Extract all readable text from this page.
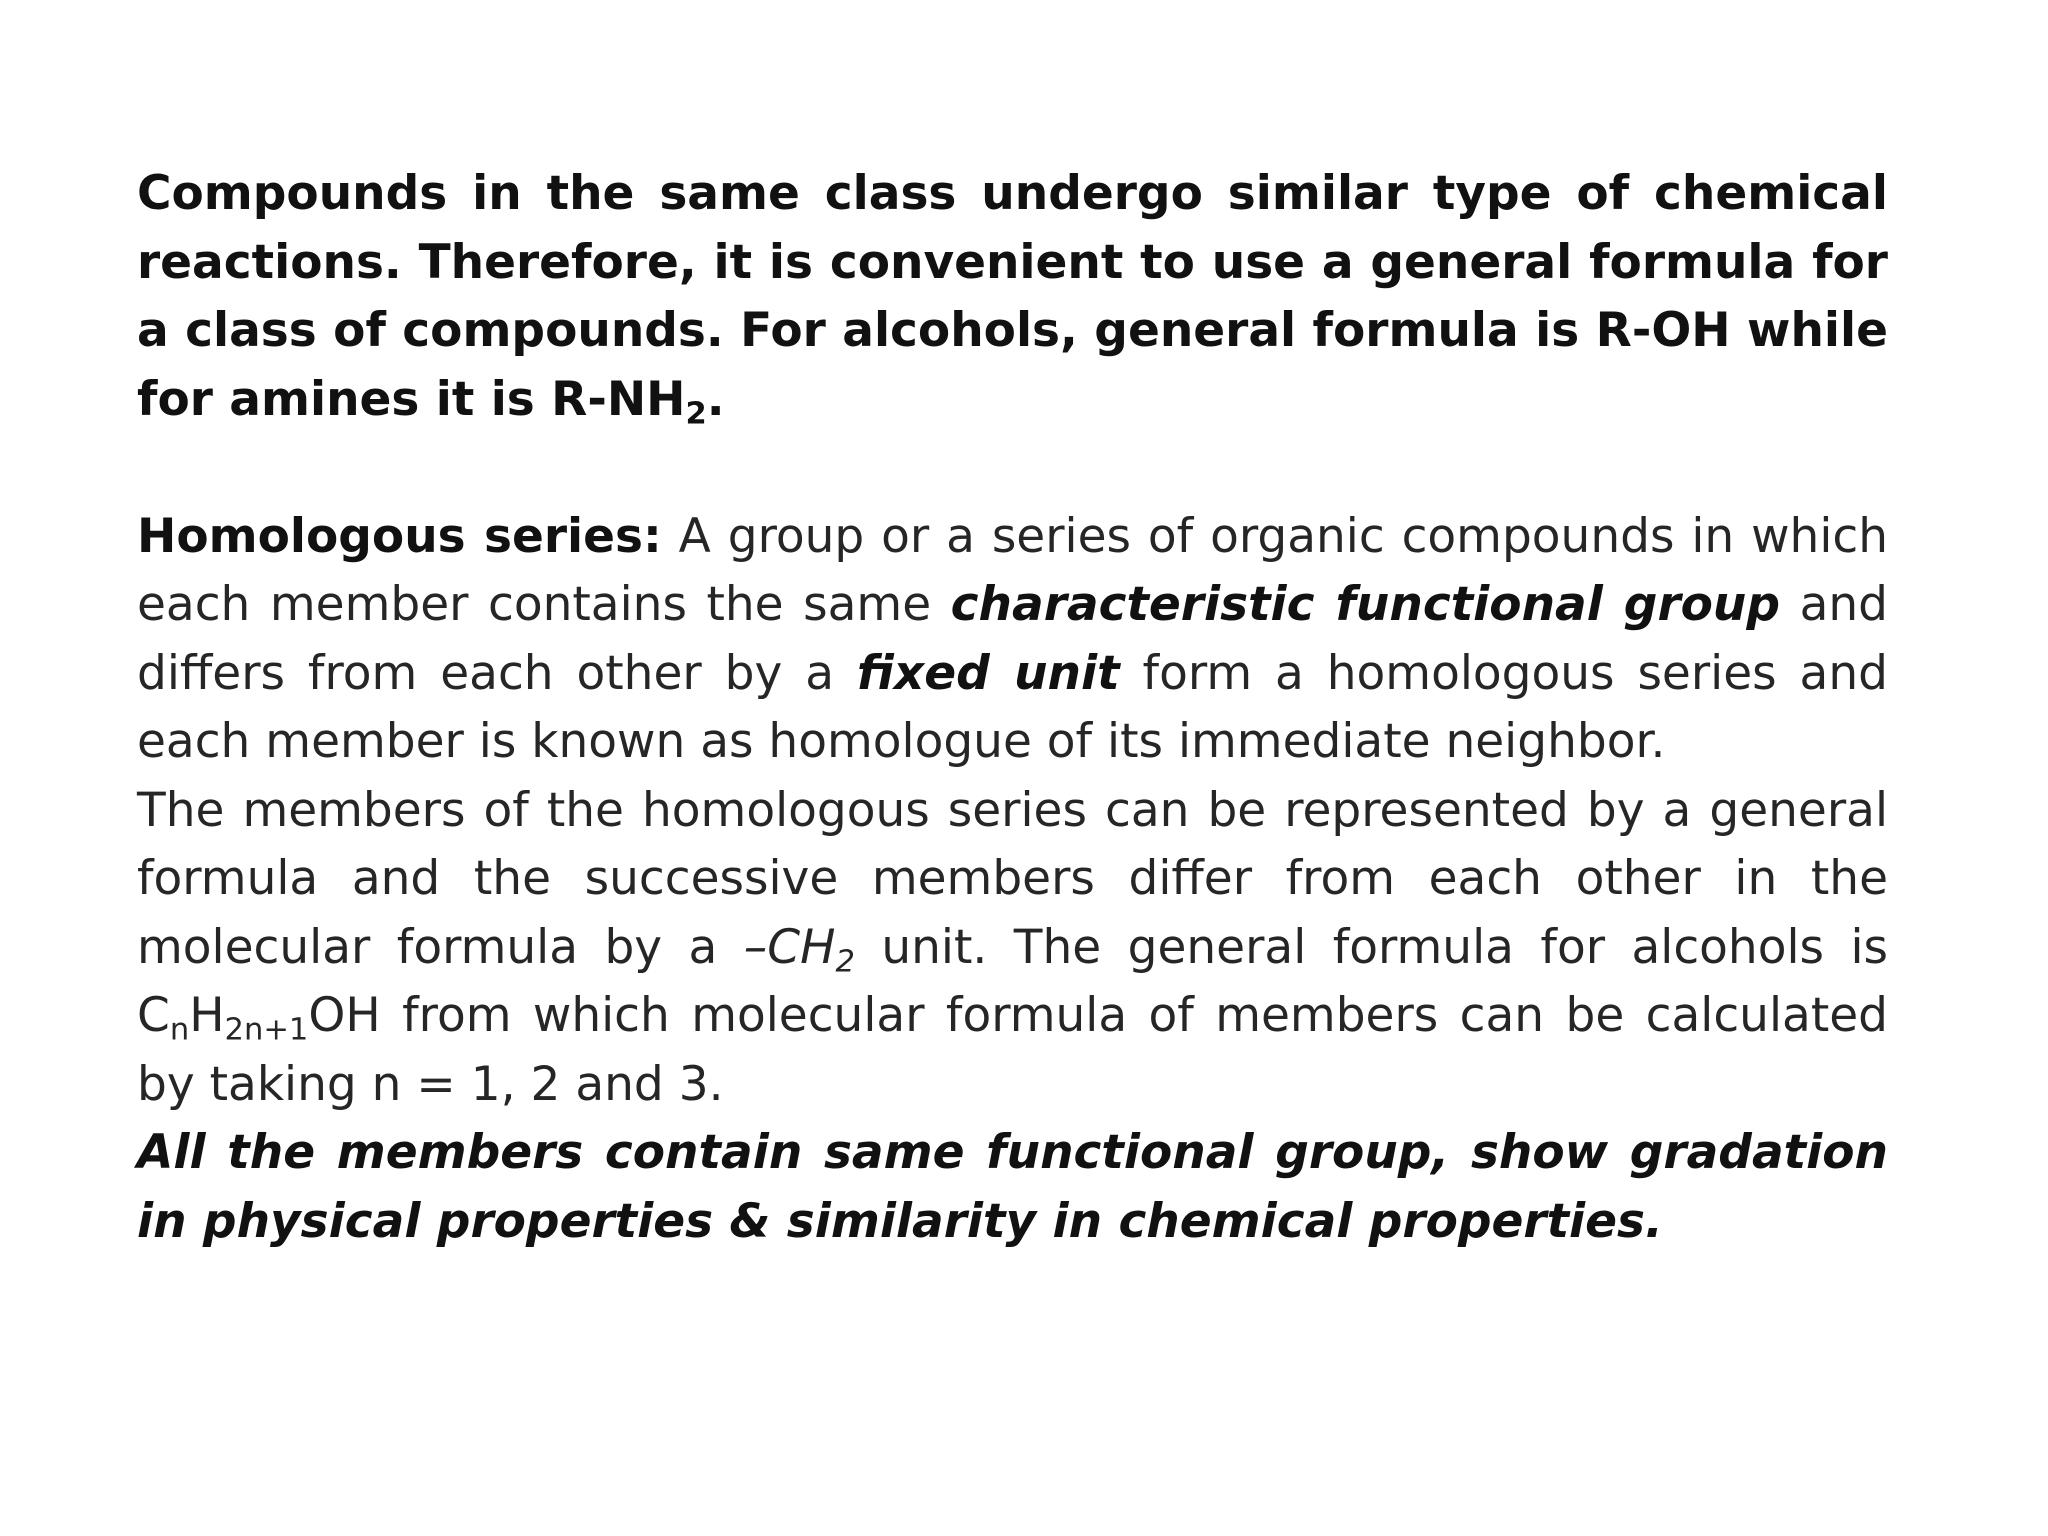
Compounds in the same class undergo similar type of chemical reactions. Therefore, it is convenient to use a general formula for a class of compounds. For alcohols, general formula is R-OH while for amines it is $R-NH_2$.

Homologous series: A group or a series of organic compounds in which each member contains the same characteristic functional group and differs from each other by a fixed unit form a homologous series and each member is known as homologue of its immediate neighbor.

The members of the homologous series can be represented by a general formula and the successive members differ from each other in the molecular formula by a $-CH_2$ unit. The general formula for alcohols is $C_nH_{2n+1}OH$ from which molecular formula of members can be calculated by taking n = 1, 2 and 3.

All the members contain same functional group, show gradation in physical properties & similarity in chemical properties.
